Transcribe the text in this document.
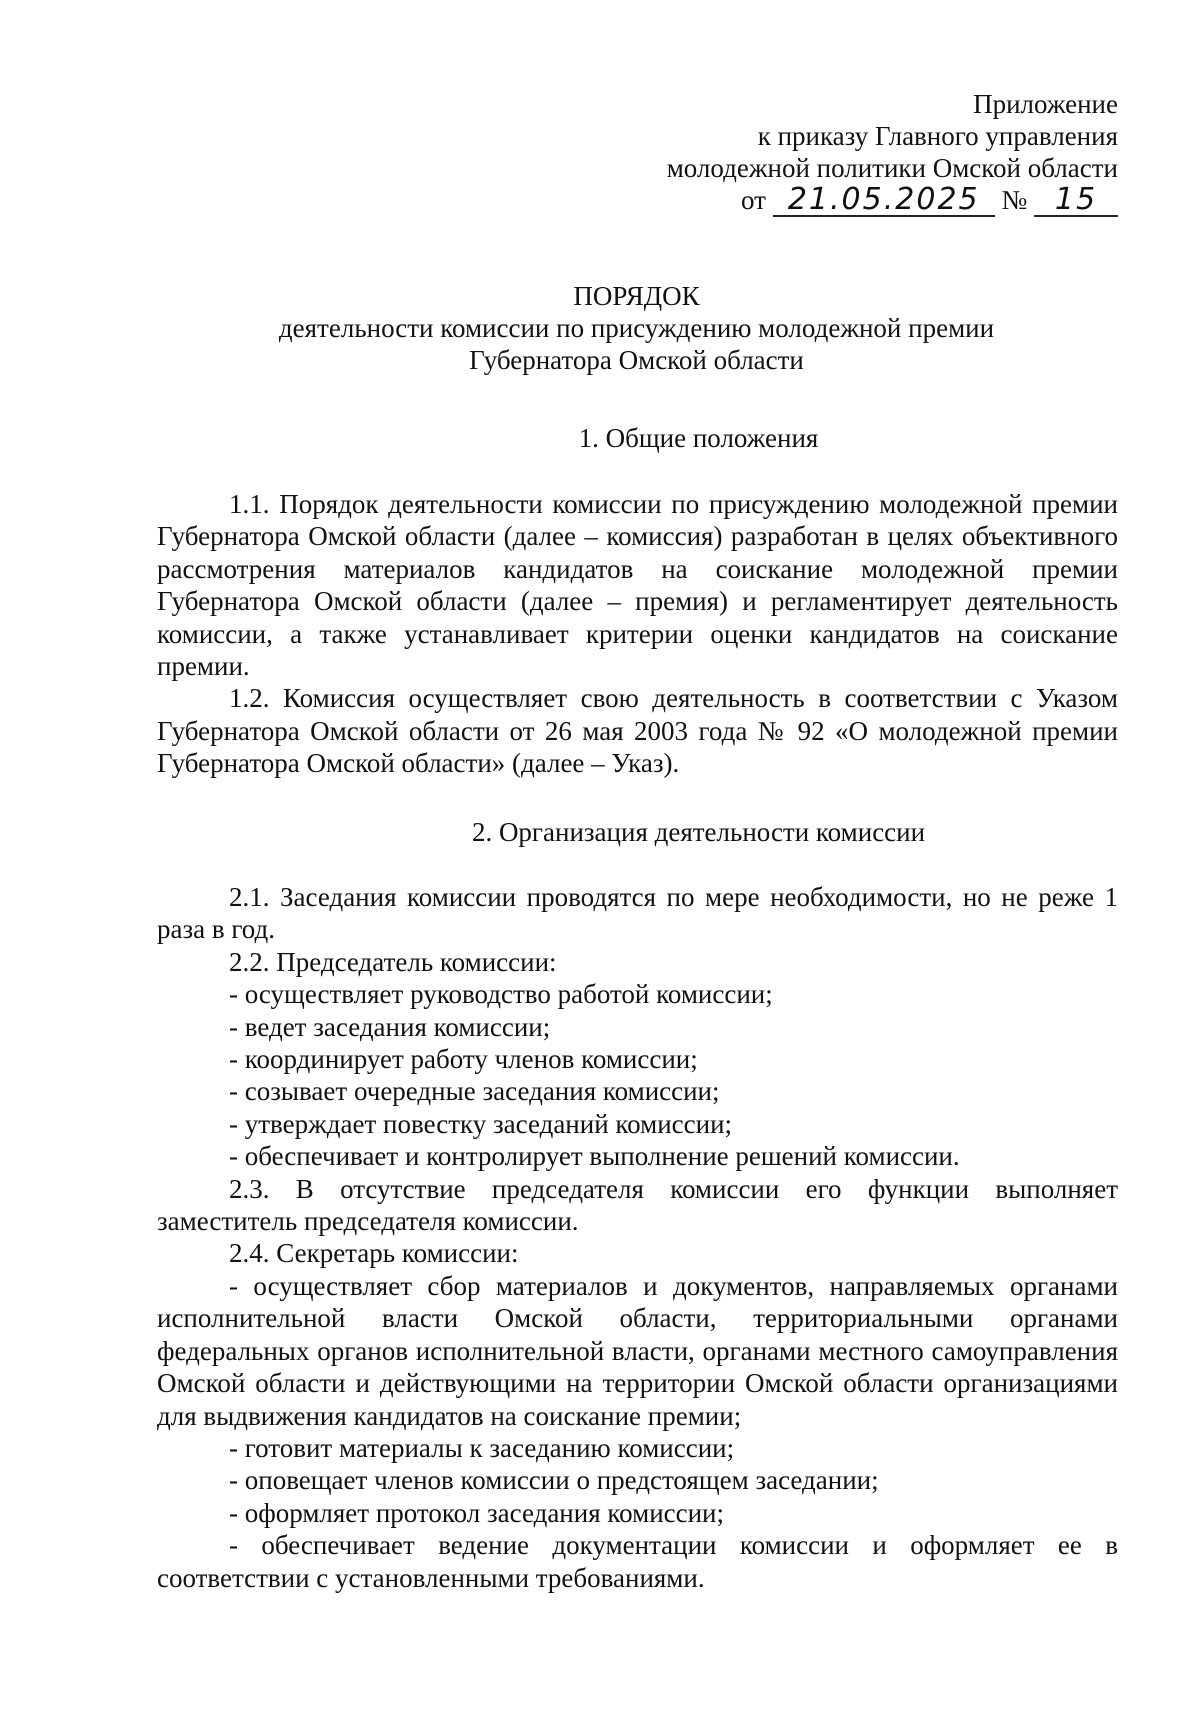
Приложение
к приказу Главного управления
молодежной политики Омской области
от 21.05.2025 № 15
ПОРЯДОК
деятельности комиссии по присуждению молодежной премии
Губернатора Омской области
1. Общие положения

1.1. Порядок деятельности комиссии по присуждению молодежной премии Губернатора Омской области (далее – комиссия) разработан в целях объективного рассмотрения материалов кандидатов на соискание молодежной премии Губернатора Омской области (далее – премия) и регламентирует деятельность комиссии, а также устанавливает критерии оценки кандидатов на соискание премии.

1.2. Комиссия осуществляет свою деятельность в соответствии с Указом Губернатора Омской области от 26 мая 2003 года № 92 «О молодежной премии Губернатора Омской области» (далее – Указ).

2. Организация деятельности комиссии

2.1. Заседания комиссии проводятся по мере необходимости, но не реже 1 раза в год.

2.2. Председатель комиссии:

- осуществляет руководство работой комиссии;

- ведет заседания комиссии;

- координирует работу членов комиссии;

- созывает очередные заседания комиссии;

- утверждает повестку заседаний комиссии;

- обеспечивает и контролирует выполнение решений комиссии.

2.3. В отсутствие председателя комиссии его функции выполняет заместитель председателя комиссии.

2.4. Секретарь комиссии:

- осуществляет сбор материалов и документов, направляемых органами исполнительной власти Омской области, территориальными органами федеральных органов исполнительной власти, органами местного самоуправления Омской области и действующими на территории Омской области организациями для выдвижения кандидатов на соискание премии;

- готовит материалы к заседанию комиссии;

- оповещает членов комиссии о предстоящем заседании;

- оформляет протокол заседания комиссии;

- обеспечивает ведение документации комиссии и оформляет ее в соответствии с установленными требованиями.
